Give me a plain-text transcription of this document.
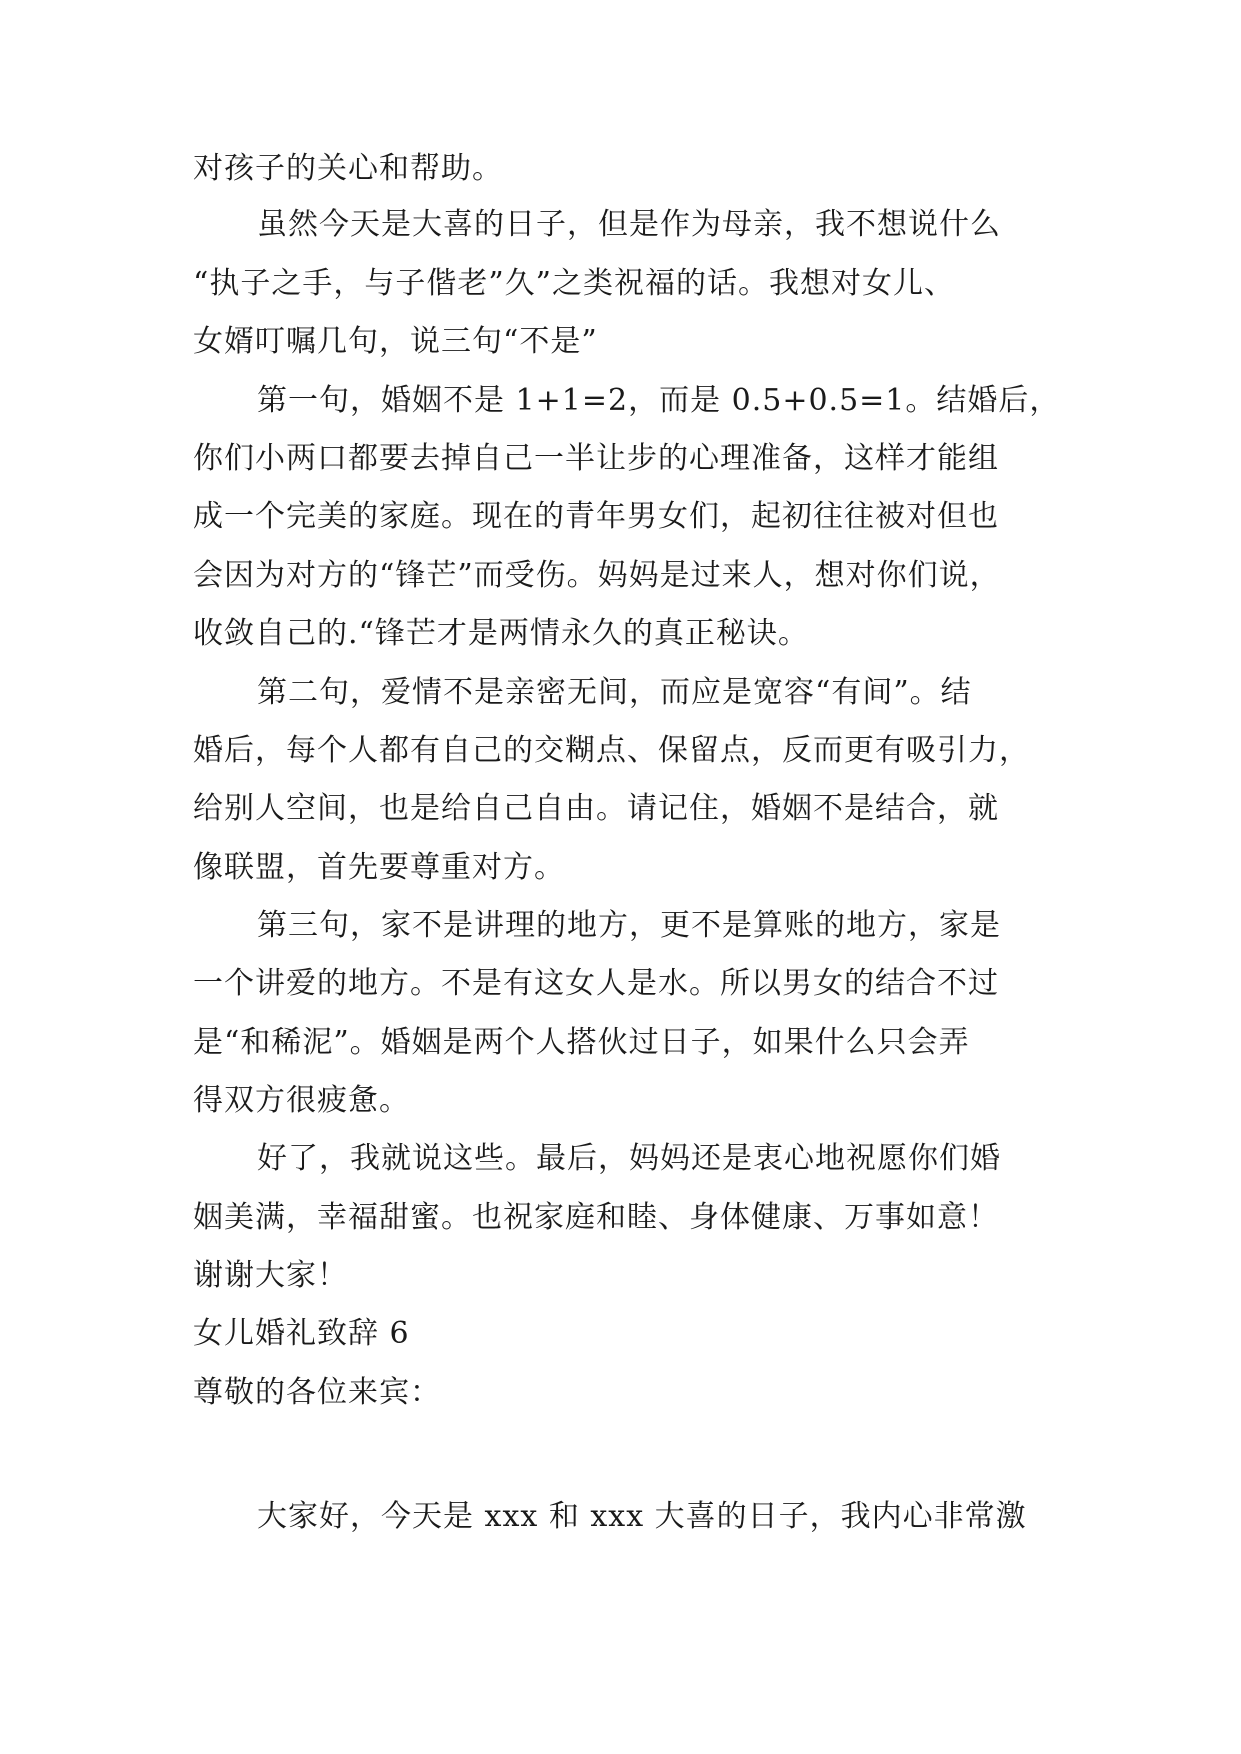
对孩子的关心和帮助。
虽然今天是大喜的日子，但是作为母亲，我不想说什么
“执子之手，与子偕老”久”之类祝福的话。我想对女儿、
女婿叮嘱几句，说三句“不是”
第一句，婚姻不是 1+1=2，而是 0.5+0.5=1。结婚后，
你们小两口都要去掉自己一半让步的心理准备，这样才能组
成一个完美的家庭。现在的青年男女们，起初往往被对但也
会因为对方的“锋芒”而受伤。妈妈是过来人，想对你们说，
收敛自己的.“锋芒才是两情永久的真正秘诀。
第二句，爱情不是亲密无间，而应是宽容“有间”。结
婚后，每个人都有自己的交糊点、保留点，反而更有吸引力，
给别人空间，也是给自己自由。请记住，婚姻不是结合，就
像联盟，首先要尊重对方。
第三句，家不是讲理的地方，更不是算账的地方，家是
一个讲爱的地方。不是有这女人是水。所以男女的结合不过
是“和稀泥”。婚姻是两个人搭伙过日子，如果什么只会弄
得双方很疲惫。
好了，我就说这些。最后，妈妈还是衷心地祝愿你们婚
姻美满，幸福甜蜜。也祝家庭和睦、身体健康、万事如意！
谢谢大家！
女儿婚礼致辞 6
尊敬的各位来宾：
大家好，今天是 xxx 和 xxx 大喜的日子，我内心非常激
